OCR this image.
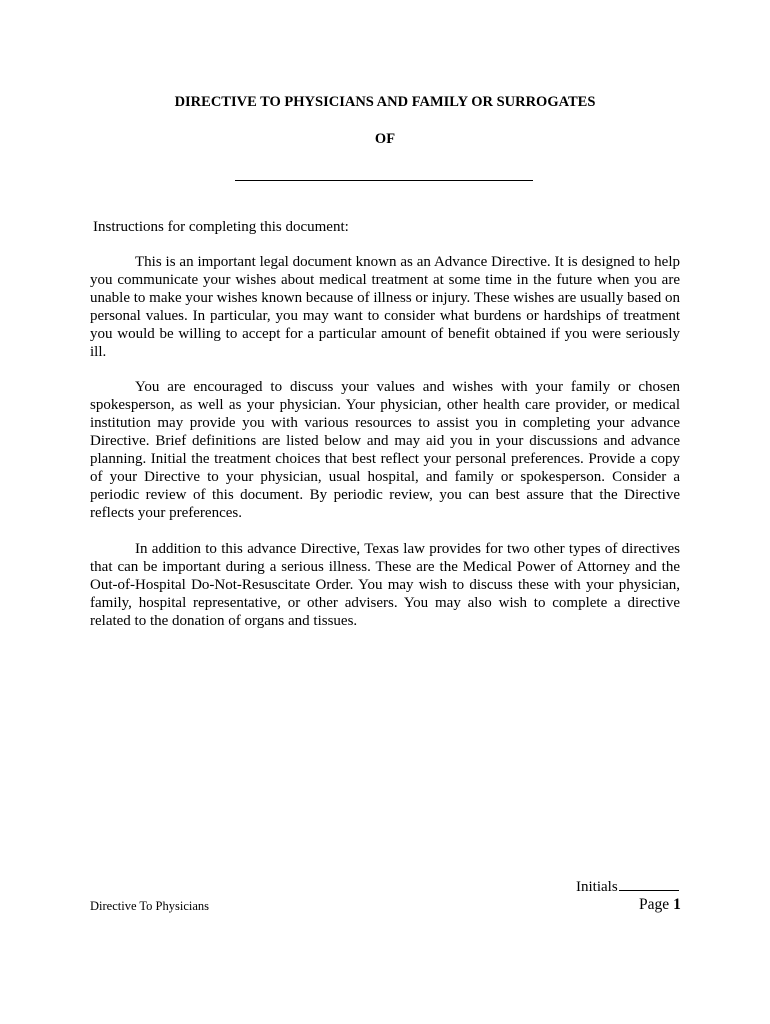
DIRECTIVE TO PHYSICIANS AND FAMILY OR SURROGATES
OF
Instructions for completing this document:

This is an important legal document known as an Advance Directive. It is designed to help you communicate your wishes about medical treatment at some time in the future when you are unable to make your wishes known because of illness or injury. These wishes are usually based on personal values. In particular, you may want to consider what burdens or hardships of treatment you would be willing to accept for a particular amount of benefit obtained if you were seriously ill.

You are encouraged to discuss your values and wishes with your family or chosen spokesperson, as well as your physician. Your physician, other health care provider, or medical institution may provide you with various resources to assist you in completing your advance Directive. Brief definitions are listed below and may aid you in your discussions and advance planning. Initial the treatment choices that best reflect your personal preferences. Provide a copy of your Directive to your physician, usual hospital, and family or spokesperson. Consider a periodic review of this document. By periodic review, you can best assure that the Directive reflects your preferences.

In addition to this advance Directive, Texas law provides for two other types of directives that can be important during a serious illness. These are the Medical Power of Attorney and the Out-of-Hospital Do-Not-Resuscitate Order. You may wish to discuss these with your physician, family, hospital representative, or other advisers. You may also wish to complete a directive related to the donation of organs and tissues.

Initials
Directive To Physicians	Page 1
